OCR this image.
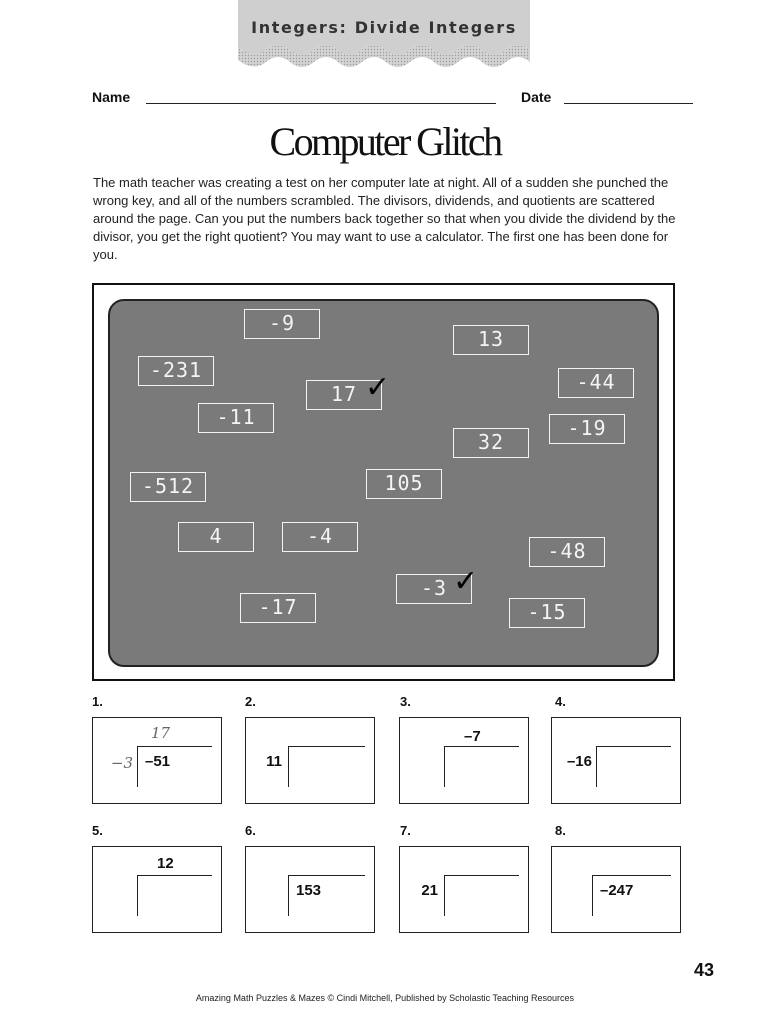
Integers: Divide Integers
Name	Date
Computer Glitch
The math teacher was creating a test on her computer late at night. All of a sudden she punched the wrong key, and all of the numbers scrambled. The divisors, dividends, and quotients are scattered around the page. Can you put the numbers back together so that when you divide the dividend by the divisor, you get the right quotient? You may want to use a calculator. The first one has been done for you.
-9
13
-231
17 ✓	-44
-11	-19
32
-512	105
4	-4
-48
-3 ✓
-17	-15
1.	2.	3.	4.
17
−3 –51	11
–7
–16
5.	6.	7.	8.
12
153	21	–247
43
Amazing Math Puzzles & Mazes © Cindi Mitchell, Published by Scholastic Teaching Resources
